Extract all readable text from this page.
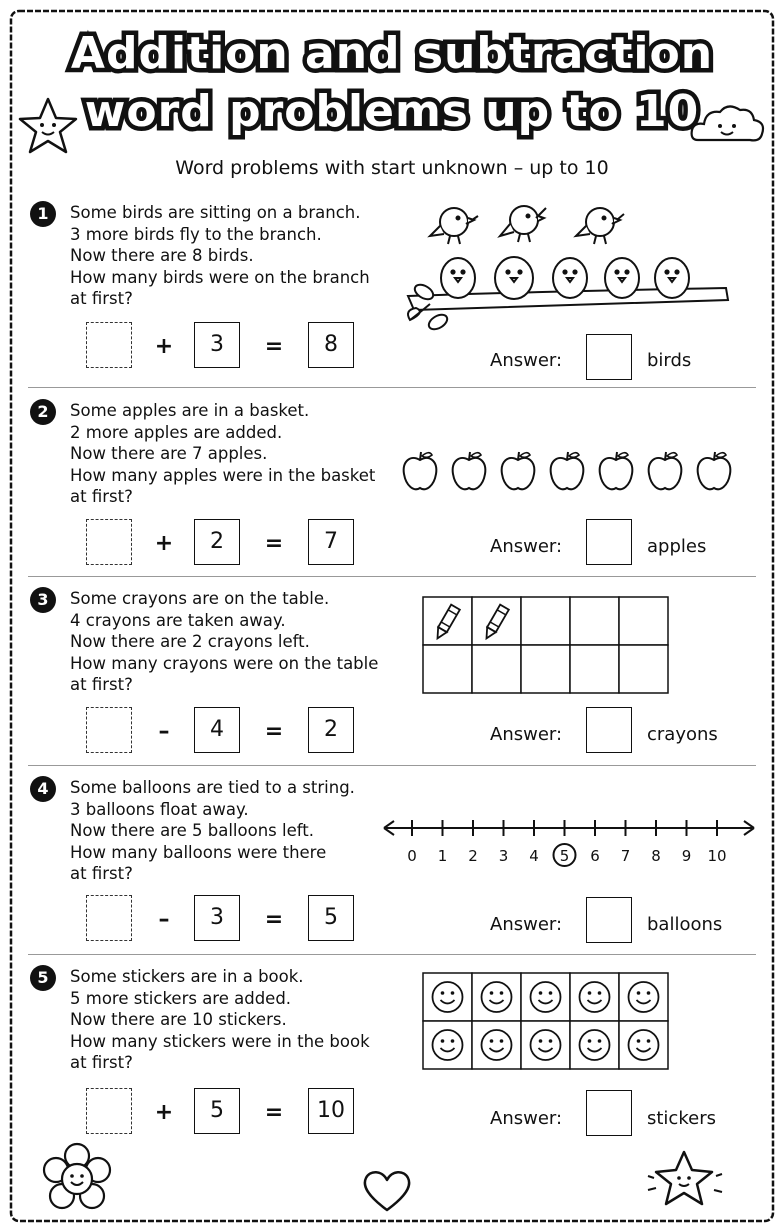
Addition and subtraction
word problems up to 10
Word problems with start unknown – up to 10
1	Some birds are sitting on a branch.
3 more birds fly to the branch.
Now there are 8 birds.
How many birds were on the branch
at first?
+	3	=	8
Answer:	birds
2	Some apples are in a basket.
2 more apples are added.
Now there are 7 apples.
How many apples were in the basket
at first?
+	2	=	7	Answer:	apples
3	Some crayons are on the table.
4 crayons are taken away.
Now there are 2 crayons left.
How many crayons were on the table
at first?
–	4	=	2	Answer:	crayons
4	Some balloons are tied to a string.
3 balloons float away.
Now there are 5 balloons left.
How many balloons were there
at first?
–	3	=	5	Answer:	balloons
0 1 2 3 4 5 6 7 8 9 10
5	Some stickers are in a book.
5 more stickers are added.
Now there are 10 stickers.
How many stickers were in the book
at first?
+	5	=	10	Answer:	stickers
